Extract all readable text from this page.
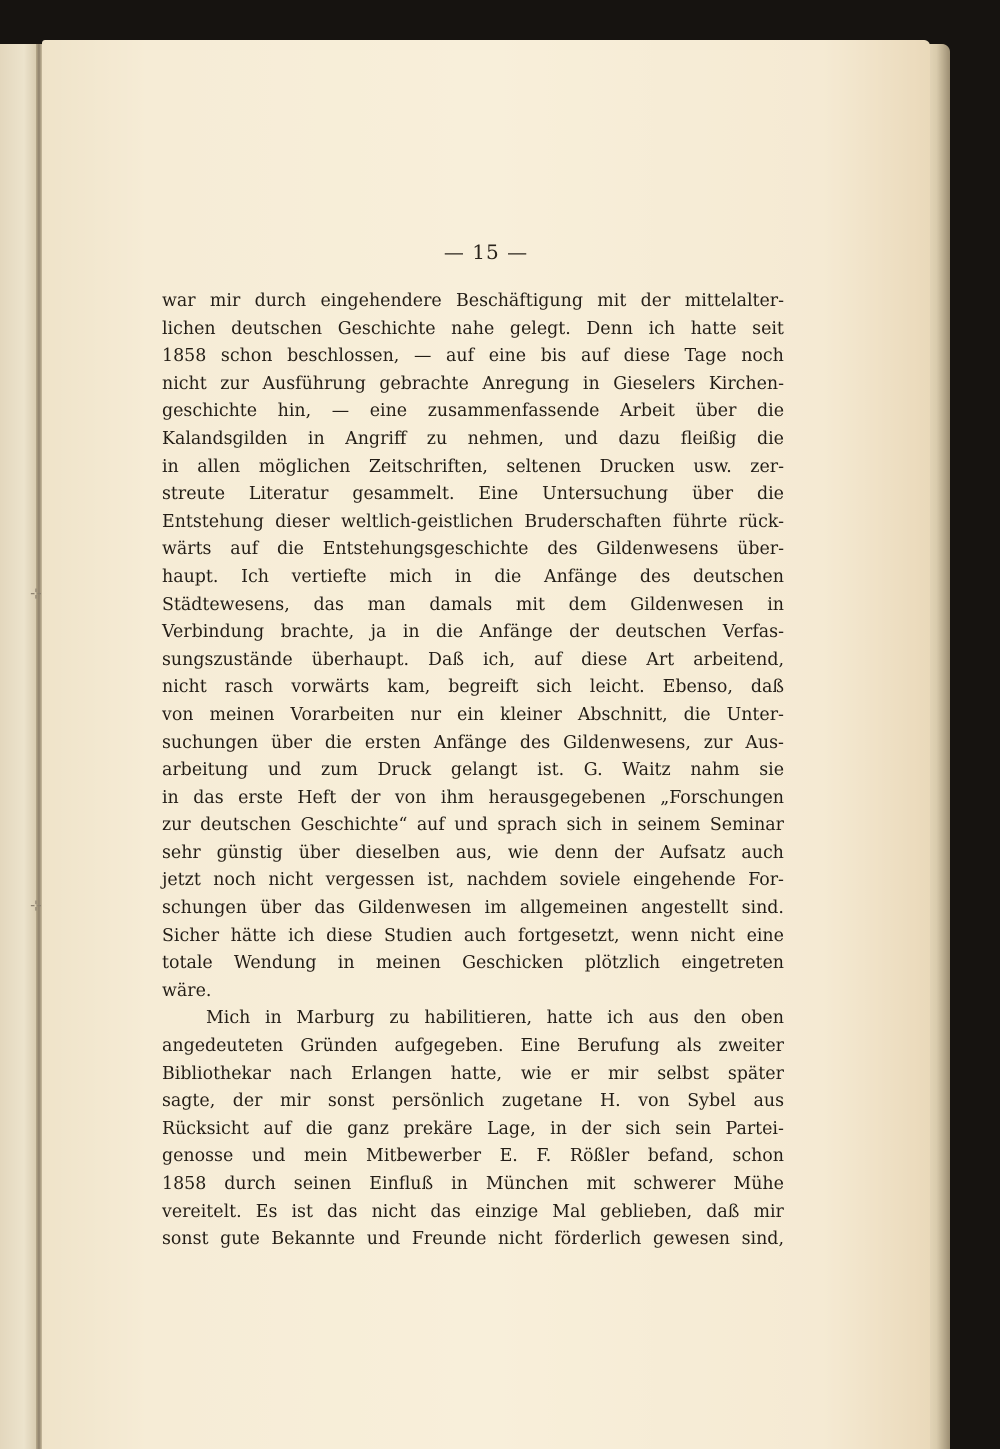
— 15 —
war mir durch eingehendere Beschäftigung mit der mittelalter-
lichen deutschen Geschichte nahe gelegt. Denn ich hatte seit
1858 schon beschlossen, — auf eine bis auf diese Tage noch
nicht zur Ausführung gebrachte Anregung in Gieselers Kirchen-
geschichte hin, — eine zusammenfassende Arbeit über die
Kalandsgilden in Angriff zu nehmen, und dazu fleißig die
in allen möglichen Zeitschriften, seltenen Drucken usw. zer-
streute Literatur gesammelt. Eine Untersuchung über die
Entstehung dieser weltlich-geistlichen Bruderschaften führte rück-
wärts auf die Entstehungsgeschichte des Gildenwesens über-
haupt. Ich vertiefte mich in die Anfänge des deutschen
Städtewesens, das man damals mit dem Gildenwesen in
Verbindung brachte, ja in die Anfänge der deutschen Verfas-
sungszustände überhaupt. Daß ich, auf diese Art arbeitend,
nicht rasch vorwärts kam, begreift sich leicht. Ebenso, daß
von meinen Vorarbeiten nur ein kleiner Abschnitt, die Unter-
suchungen über die ersten Anfänge des Gildenwesens, zur Aus-
arbeitung und zum Druck gelangt ist. G. Waitz nahm sie
in das erste Heft der von ihm herausgegebenen „Forschungen
zur deutschen Geschichte“ auf und sprach sich in seinem Seminar
sehr günstig über dieselben aus, wie denn der Aufsatz auch
jetzt noch nicht vergessen ist, nachdem soviele eingehende For-
schungen über das Gildenwesen im allgemeinen angestellt sind.
Sicher hätte ich diese Studien auch fortgesetzt, wenn nicht eine
totale Wendung in meinen Geschicken plötzlich eingetreten
wäre.
Mich in Marburg zu habilitieren, hatte ich aus den oben
angedeuteten Gründen aufgegeben. Eine Berufung als zweiter
Bibliothekar nach Erlangen hatte, wie er mir selbst später
sagte, der mir sonst persönlich zugetane H. von Sybel aus
Rücksicht auf die ganz prekäre Lage, in der sich sein Partei-
genosse und mein Mitbewerber E. F. Rößler befand, schon
1858 durch seinen Einfluß in München mit schwerer Mühe
vereitelt. Es ist das nicht das einzige Mal geblieben, daß mir
sonst gute Bekannte und Freunde nicht förderlich gewesen sind,
⊹
⊹
